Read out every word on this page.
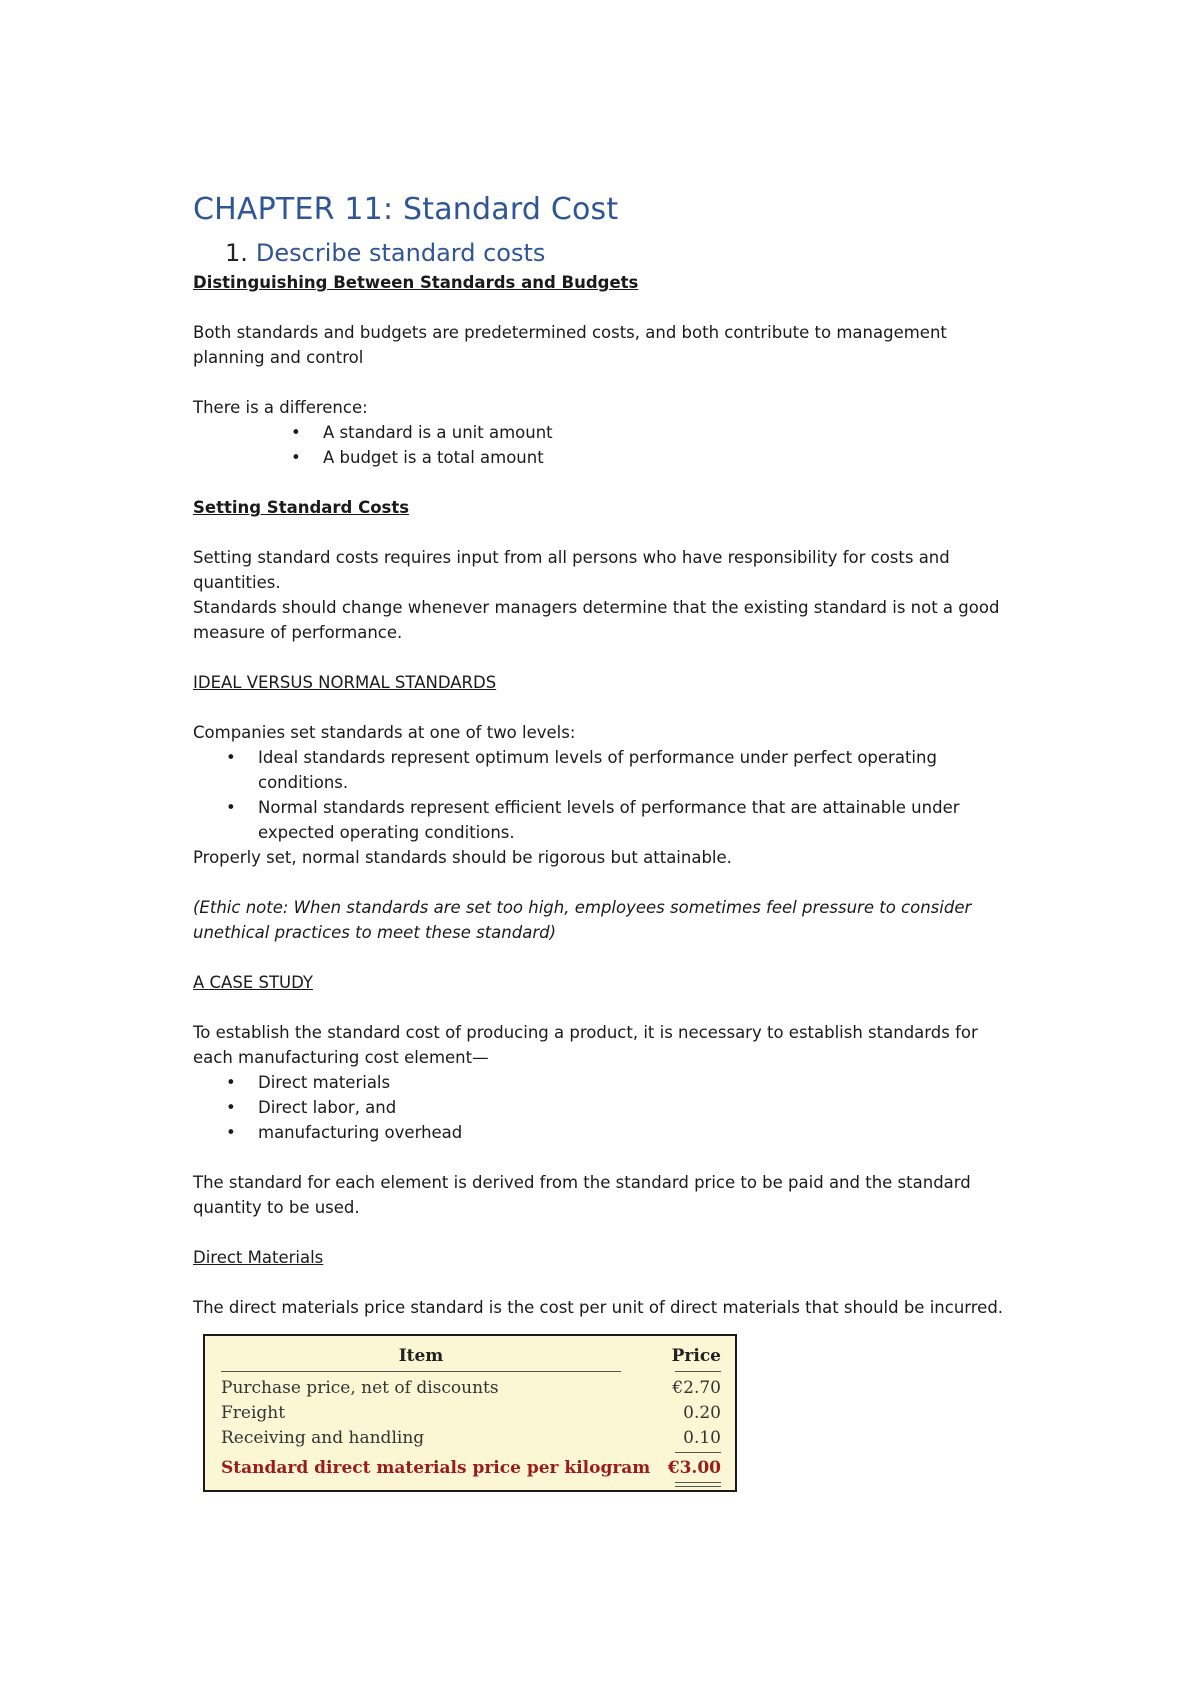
CHAPTER 11: Standard Cost
1. Describe standard costs

Distinguishing Between Standards and Budgets

Both standards and budgets are predetermined costs, and both contribute to management

planning and control

There is a difference:

• A standard is a unit amount
• A budget is a total amount

Setting Standard Costs

Setting standard costs requires input from all persons who have responsibility for costs and

quantities.

Standards should change whenever managers determine that the existing standard is not a good

measure of performance.

IDEAL VERSUS NORMAL STANDARDS

Companies set standards at one of two levels:

• Ideal standards represent optimum levels of performance under perfect operating
conditions.
• Normal standards represent efficient levels of performance that are attainable under
expected operating conditions.

Properly set, normal standards should be rigorous but attainable.

(Ethic note: When standards are set too high, employees sometimes feel pressure to consider

unethical practices to meet these standard)

A CASE STUDY

To establish the standard cost of producing a product, it is necessary to establish standards for

each manufacturing cost element—

• Direct materials
• Direct labor, and
• manufacturing overhead

The standard for each element is derived from the standard price to be paid and the standard

quantity to be used.

Direct Materials

The direct materials price standard is the cost per unit of direct materials that should be incurred.

Item	Price
Purchase price, net of discounts	€2.70
Freight	0.20
Receiving and handling	0.10
Standard direct materials price per kilogram €3.00
